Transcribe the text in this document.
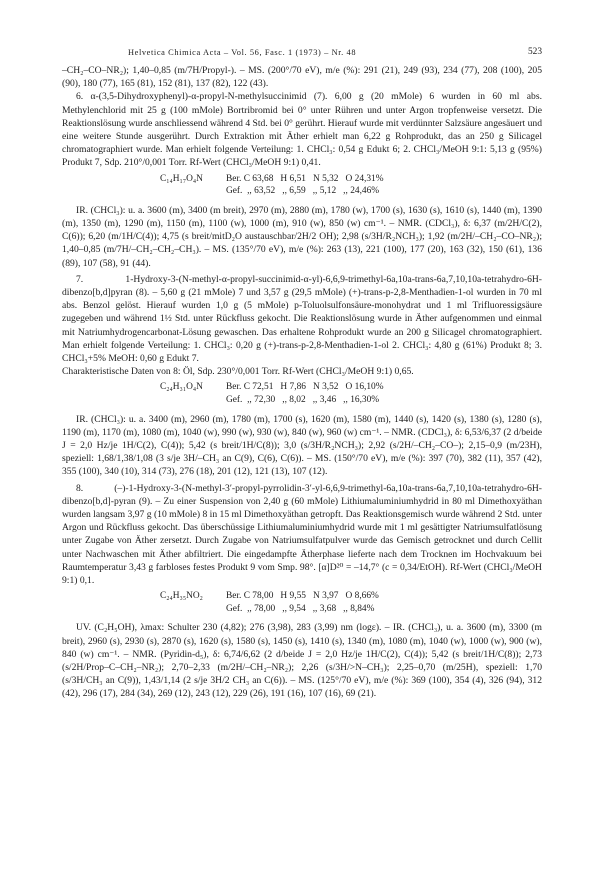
Helvetica Chimica Acta – Vol. 56, Fasc. 1 (1973) – Nr. 48	523

–CH₂–CO–NR₂); 1,40–0,85 (m/7H/Propyl-). – MS. (200°/70 eV), m/e (%): 291 (21), 249 (93), 234 (77), 208 (100), 205 (90), 180 (77), 165 (81), 152 (81), 137 (82), 122 (43).

6. α-(3,5-Dihydroxyphenyl)-α-propyl-N-methylsuccinimid (7). 6,00 g (20 mMole) 6 wurden in 60 ml abs. Methylenchlorid mit 25 g (100 mMole) Bortribromid bei 0° unter Rühren und unter Argon tropfenweise versetzt. Die Reaktionslösung wurde anschliessend während 4 Std. bei 0° gerührt. Hierauf wurde mit verdünnter Salzsäure angesäuert und eine weitere Stunde ausgerührt. Durch Extraktion mit Äther erhielt man 6,22 g Rohprodukt, das an 250 g Silicagel chromatographiert wurde. Man erhielt folgende Verteilung: 1. CHCl₃: 0,54 g Edukt 6; 2. CHCl₃/MeOH 9:1: 5,13 g (95%) Produkt 7, Sdp. 210°/0,001 Torr. Rf-Wert (CHCl₃/MeOH 9:1) 0,41.

C₁₄H₁₇O₄N	Ber. C 63,68   H 6,51   N 5,32   O 24,31%
Gef.  ,, 63,52   ,, 6,59   ,, 5,12   ,, 24,46%

IR. (CHCl₃): u. a. 3600 (m), 3400 (m breit), 2970 (m), 2880 (m), 1780 (w), 1700 (s), 1630 (s), 1610 (s), 1440 (m), 1390 (m), 1350 (m), 1290 (m), 1150 (m), 1100 (w), 1000 (m), 910 (w), 850 (w) cm⁻¹. – NMR. (CDCl₃), δ: 6,37 (m/2H/C(2), C(6)); 6,20 (m/1H/C(4)); 4,75 (s breit/mitD₂O austauschbar/2H/2 OH); 2,98 (s/3H/R₂NCH₃); 1,92 (m/2H/–CH₂–CO–NR₂); 1,40–0,85 (m/7H/–CH₂–CH₂–CH₃). – MS. (135°/70 eV), m/e (%): 263 (13), 221 (100), 177 (20), 163 (32), 150 (61), 136 (89), 107 (58), 91 (44).

7. 1-Hydroxy-3-(N-methyl-α-propyl-succinimid-α-yl)-6,6,9-trimethyl-6a,10a-trans-6a,7,10,10a-tetrahydro-6H-dibenzo[b,d]pyran (8). – 5,60 g (21 mMole) 7 und 3,57 g (29,5 mMole) (+)-trans-p-2,8-Menthadien-1-ol wurden in 70 ml abs. Benzol gelöst. Hierauf wurden 1,0 g (5 mMole) p-Toluolsulfonsäure-monohydrat und 1 ml Trifluoressigsäure zugegeben und während 1½ Std. unter Rückfluss gekocht. Die Reaktionslösung wurde in Äther aufgenommen und einmal mit Natriumhydrogencarbonat-Lösung gewaschen. Das erhaltene Rohprodukt wurde an 200 g Silicagel chromatographiert. Man erhielt folgende Verteilung: 1. CHCl₃: 0,20 g (+)-trans-p-2,8-Menthadien-1-ol 2. CHCl₃: 4,80 g (61%) Produkt 8; 3. CHCl₃+5% MeOH: 0,60 g Edukt 7.

Charakteristische Daten von 8: Öl, Sdp. 230°/0,001 Torr. Rf-Wert (CHCl₃/MeOH 9:1) 0,65.

C₂₄H₃₁O₄N	Ber. C 72,51   H 7,86   N 3,52   O 16,10%
Gef.  ,, 72,30   ,, 8,02   ,, 3,46   ,, 16,30%

IR. (CHCl₃): u. a. 3400 (m), 2960 (m), 1780 (m), 1700 (s), 1620 (m), 1580 (m), 1440 (s), 1420 (s), 1380 (s), 1280 (s), 1190 (m), 1170 (m), 1080 (m), 1040 (w), 990 (w), 930 (w), 840 (w), 960 (w) cm⁻¹. – NMR. (CDCl₃), δ: 6,53/6,37 (2 d/beide J = 2,0 Hz/je 1H/C(2), C(4)); 5,42 (s breit/1H/C(8)); 3,0 (s/3H/R₂NCH₃); 2,92 (s/2H/–CH₂–CO–); 2,15–0,9 (m/23H), speziell: 1,68/1,38/1,08 (3 s/je 3H/–CH₃ an C(9), C(6), C(6)). – MS. (150°/70 eV), m/e (%): 397 (70), 382 (11), 357 (42), 355 (100), 340 (10), 314 (73), 276 (18), 201 (12), 121 (13), 107 (12).

8. (–)-1-Hydroxy-3-(N-methyl-3′-propyl-pyrrolidin-3′-yl-6,6,9-trimethyl-6a,10a-trans-6a,7,10,10a-tetrahydro-6H-dibenzo[b,d]-pyran (9). – Zu einer Suspension von 2,40 g (60 mMole) Lithiumaluminiumhydrid in 80 ml Dimethoxyäthan wurden langsam 3,97 g (10 mMole) 8 in 15 ml Dimethoxyäthan getropft. Das Reaktionsgemisch wurde während 2 Std. unter Argon und Rückfluss gekocht. Das überschüssige Lithiumaluminiumhydrid wurde mit 1 ml gesättigter Natriumsulfatlösung unter Zugabe von Äther zersetzt. Durch Zugabe von Natriumsulfatpulver wurde das Gemisch getrocknet und durch Cellit unter Nachwaschen mit Äther abfiltriert. Die eingedampfte Ätherphase lieferte nach dem Trocknen im Hochvakuum bei Raumtemperatur 3,43 g farbloses festes Produkt 9 vom Smp. 98°. [α]D²⁰ = –14,7° (c = 0,34/EtOH). Rf-Wert (CHCl₃/MeOH 9:1) 0,1.

C₂₄H₃₅NO₂	Ber. C 78,00   H 9,55   N 3,97   O 8,66%
Gef.  ,, 78,00   ,, 9,54   ,, 3,68   ,, 8,84%

UV. (C₂H₅OH), λmax: Schulter 230 (4,82); 276 (3,98), 283 (3,99) nm (logε). – IR. (CHCl₃), u. a. 3600 (m), 3300 (m breit), 2960 (s), 2930 (s), 2870 (s), 1620 (s), 1580 (s), 1450 (s), 1410 (s), 1340 (m), 1080 (m), 1040 (w), 1000 (w), 900 (w), 840 (w) cm⁻¹. – NMR. (Pyridin-d₅), δ: 6,74/6,62 (2 d/beide J = 2,0 Hz/je 1H/C(2), C(4)); 5,42 (s breit/1H/C(8)); 2,73 (s/2H/Prop–C–CH₂–NR₂); 2,70–2,33 (m/2H/–CH₂–NR₂); 2,26 (s/3H/>N–CH₃); 2,25–0,70 (m/25H), speziell: 1,70 (s/3H/CH₃ an C(9)), 1,43/1,14 (2 s/je 3H/2 CH₃ an C(6)). – MS. (125°/70 eV), m/e (%): 369 (100), 354 (4), 326 (94), 312 (42), 296 (17), 284 (34), 269 (12), 243 (12), 229 (26), 191 (16), 107 (16), 69 (21).
